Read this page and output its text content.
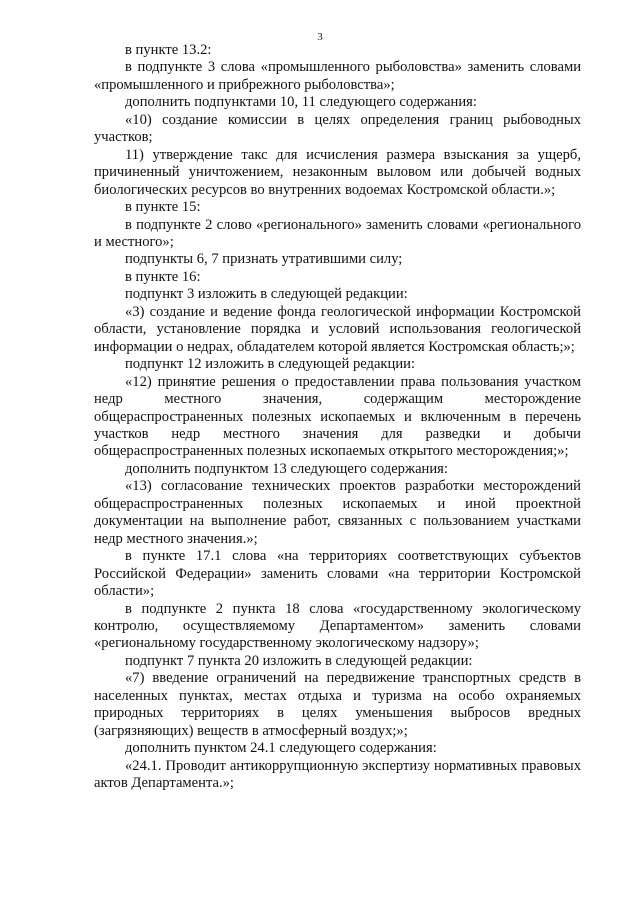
3

в пункте 13.2:

в подпункте 3 слова «промышленного рыболовства» заменить словами «промышленного и прибрежного рыболовства»;

дополнить подпунктами 10, 11 следующего содержания:

«10) создание комиссии в целях определения границ рыбоводных участков;

11) утверждение такс для исчисления размера взыскания за ущерб, причиненный уничтожением, незаконным выловом или добычей водных биологических ресурсов во внутренних водоемах Костромской области.»;

в пункте 15:

в подпункте 2 слово «регионального» заменить словами «регионального и местного»;

подпункты 6, 7 признать утратившими силу;

в пункте 16:

подпункт 3 изложить в следующей редакции:

«3) создание и ведение фонда геологической информации Костромской области, установление порядка и условий использования геологической информации о недрах, обладателем которой является Костромская область;»;

подпункт 12 изложить в следующей редакции:

«12) принятие решения о предоставлении права пользования участком недр местного значения, содержащим месторождение общераспространенных полезных ископаемых и включенным в перечень участков недр местного значения для разведки и добычи общераспространенных полезных ископаемых открытого месторождения;»;

дополнить подпунктом 13 следующего содержания:

«13) согласование технических проектов разработки месторождений общераспространенных полезных ископаемых и иной проектной документации на выполнение работ, связанных с пользованием участками недр местного значения.»;

в пункте 17.1 слова «на территориях соответствующих субъектов Российской Федерации» заменить словами «на территории Костромской области»;

в подпункте 2 пункта 18 слова «государственному экологическому контролю, осуществляемому Департаментом» заменить словами «региональному государственному экологическому надзору»;

подпункт 7 пункта 20 изложить в следующей редакции:

«7) введение ограничений на передвижение транспортных средств в населенных пунктах, местах отдыха и туризма на особо охраняемых природных территориях в целях уменьшения выбросов вредных (загрязняющих) веществ в атмосферный воздух;»;

дополнить пунктом 24.1 следующего содержания:

«24.1. Проводит антикоррупционную экспертизу нормативных правовых актов Департамента.»;
